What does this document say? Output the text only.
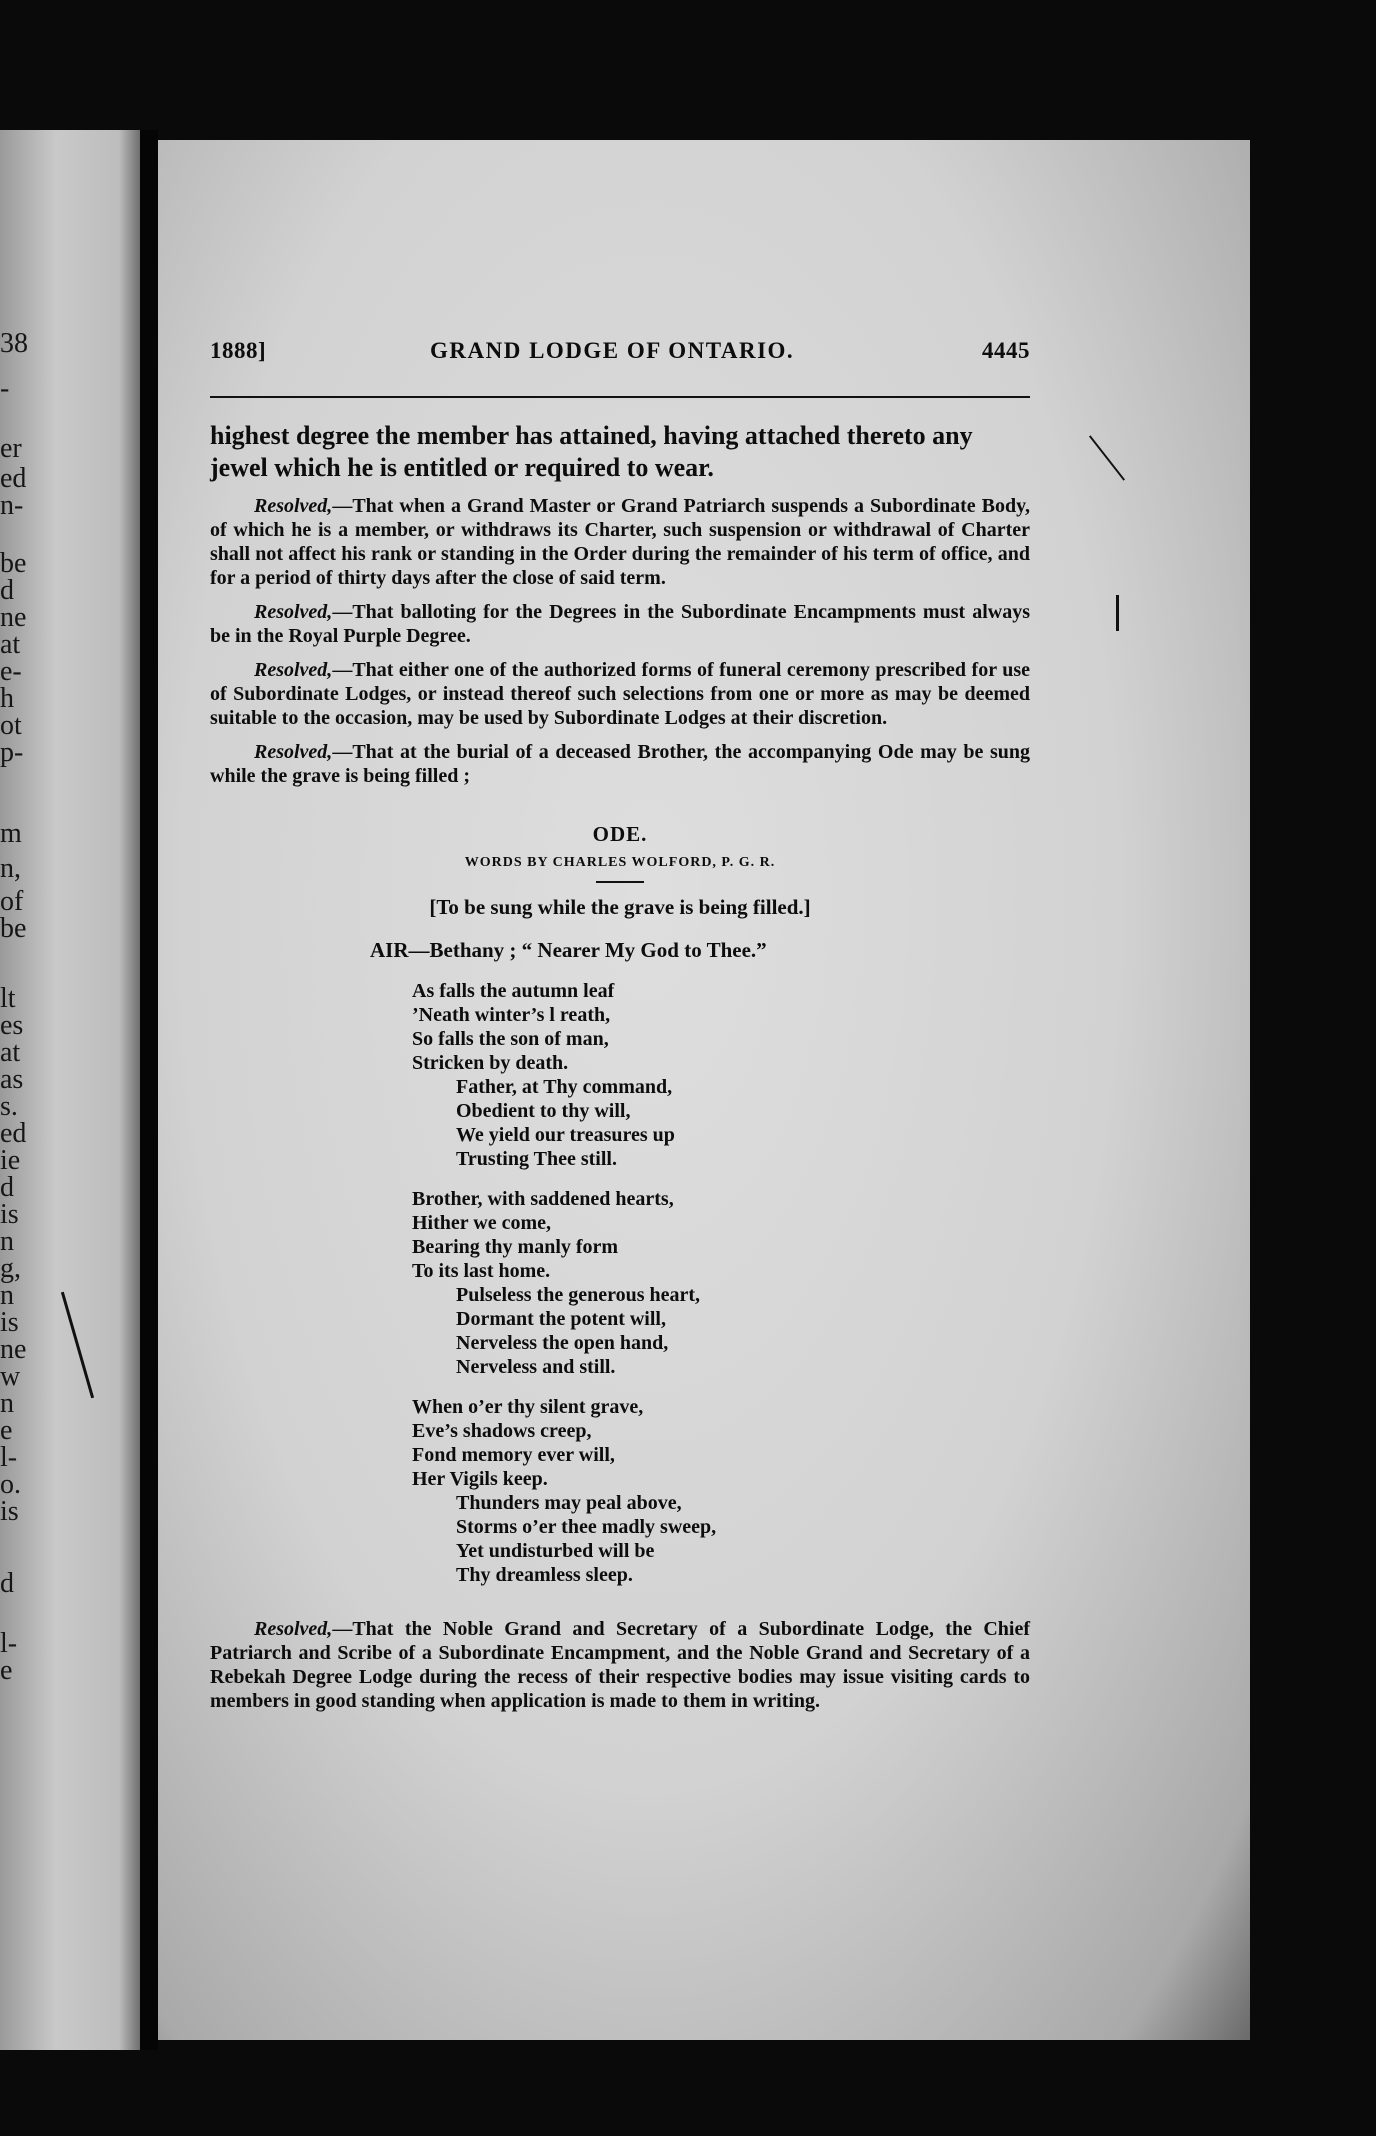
38
-
er
ed
n-
be
d
ne
at
e-
h
ot
p-
m
n,
of
be
lt
es
at
as
s.
ed
ie
d
is
n
g,
n
is
ne
w
n
e
l-
o.
is
d
l-
e
1888]	GRAND LODGE OF ONTARIO.	4445
highest degree the member has attained, having attached thereto any jewel which he is entitled or required to wear.
Resolved,—That when a Grand Master or Grand Patriarch suspends a Subordinate Body, of which he is a member, or withdraws its Charter, such suspension or withdrawal of Charter shall not affect his rank or standing in the Order during the remainder of his term of office, and for a period of thirty days after the close of said term.
Resolved,—That balloting for the Degrees in the Subordinate Encampments must always be in the Royal Purple Degree.
Resolved,—That either one of the authorized forms of funeral ceremony prescribed for use of Subordinate Lodges, or instead thereof such selections from one or more as may be deemed suitable to the occasion, may be used by Subordinate Lodges at their discretion.
Resolved,—That at the burial of a deceased Brother, the accompanying Ode may be sung while the grave is being filled ;
ODE.
WORDS BY CHARLES WOLFORD, P. G. R.
[To be sung while the grave is being filled.]
AIR—Bethany ; “ Nearer My God to Thee.”
As falls the autumn leaf
’Neath winter’s l reath,
So falls the son of man,
Stricken by death.
Father, at Thy command,
Obedient to thy will,
We yield our treasures up
Trusting Thee still.
Brother, with saddened hearts,
Hither we come,
Bearing thy manly form
To its last home.
Pulseless the generous heart,
Dormant the potent will,
Nerveless the open hand,
Nerveless and still.
When o’er thy silent grave,
Eve’s shadows creep,
Fond memory ever will,
Her Vigils keep.
Thunders may peal above,
Storms o’er thee madly sweep,
Yet undisturbed will be
Thy dreamless sleep.
Resolved,—That the Noble Grand and Secretary of a Subordinate Lodge, the Chief Patriarch and Scribe of a Subordinate Encampment, and the Noble Grand and Secretary of a Rebekah Degree Lodge during the recess of their respective bodies may issue visiting cards to members in good standing when application is made to them in writing.
